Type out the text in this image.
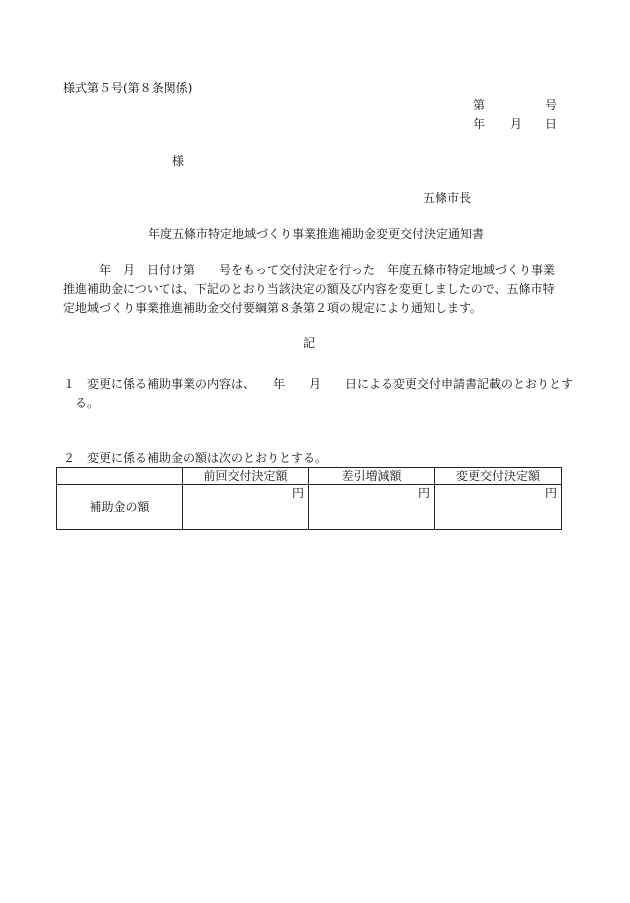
様式第５号(第８条関係)
第	号
年 月 日
様
五條市長
年度五條市特定地域づくり事業推進補助金変更交付決定通知書
年　月　日付け第　　号をもって交付決定を行った　年度五條市特定地域づくり事業推進補助金については、下記のとおり当該決定の額及び内容を変更しましたので、五條市特定地域づくり事業推進補助金交付要綱第８条第２項の規定により通知します。
記
１　変更に係る補助事業の内容は、　　年　　月　　日による変更交付申請書記載のとおりとする。
２　変更に係る補助金の額は次のとおりとする。
	前回交付決定額	差引増減額	変更交付決定額
補助金の額	円	円	円
